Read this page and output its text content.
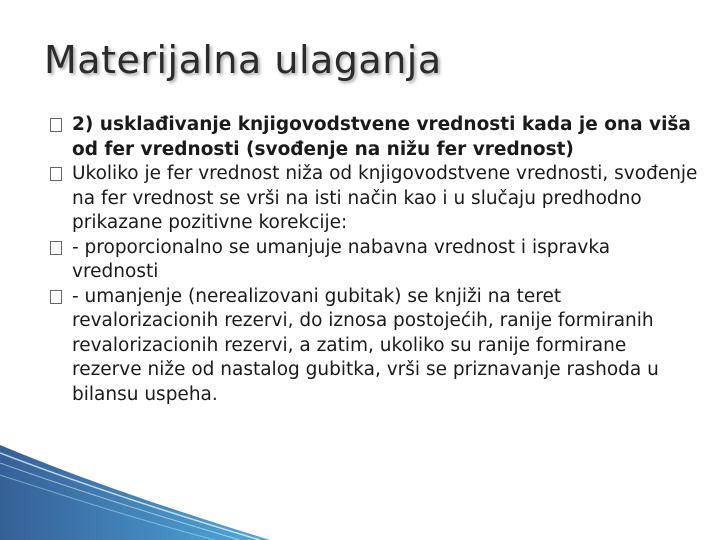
Materijalna ulaganja
2) usklađivanje knjigovodstvene vrednosti kada je ona viša od fer vrednosti (svođenje na nižu fer vrednost)
Ukoliko je fer vrednost niža od knjigovodstvene vrednosti, svođenje na fer vrednost se vrši na isti način kao i u slučaju predhodno prikazane pozitivne korekcije:
- proporcionalno se umanjuje nabavna vrednost i ispravka vrednosti
- umanjenje (nerealizovani gubitak) se knjiži na teret revalorizacionih rezervi, do iznosa postojećih, ranije formiranih revalorizacionih rezervi, a zatim, ukoliko su ranije formirane rezerve niže od nastalog gubitka, vrši se priznavanje rashoda u bilansu uspeha.
